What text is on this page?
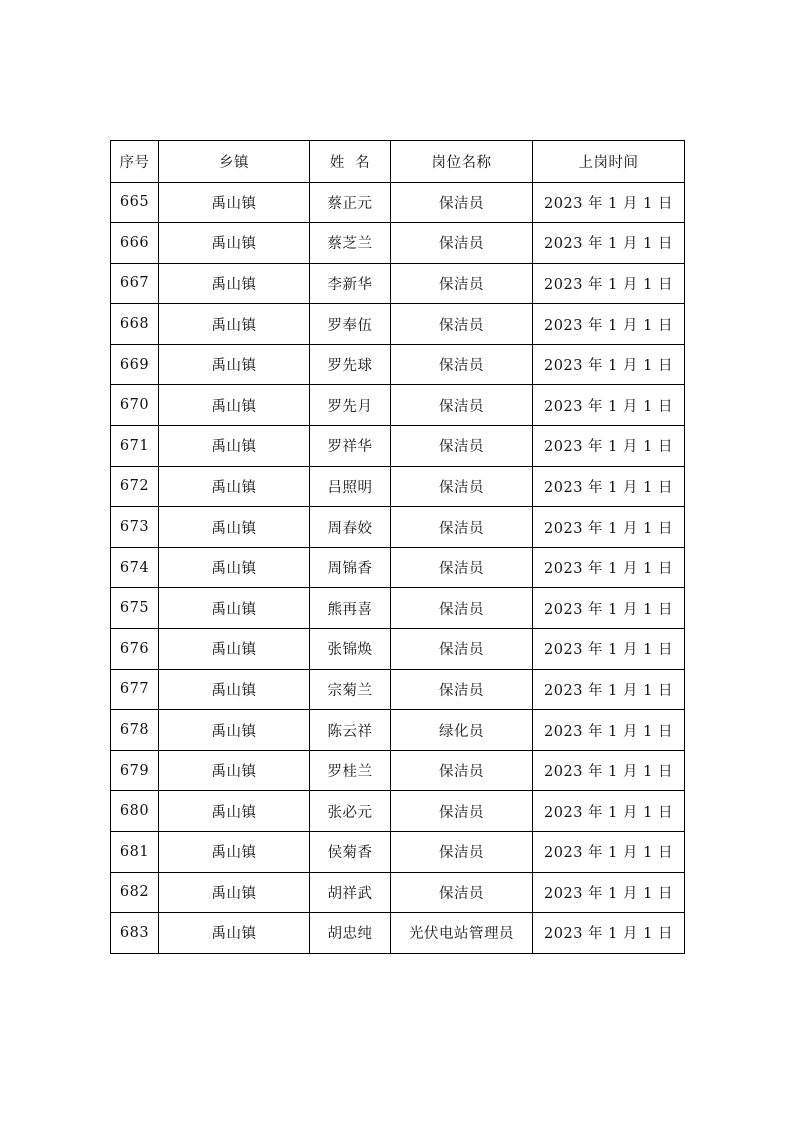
序号	乡镇	姓  名	岗位名称	上岗时间
665	禹山镇	蔡正元	保洁员	2023 年 1 月 1 日
666	禹山镇	蔡芝兰	保洁员	2023 年 1 月 1 日
667	禹山镇	李新华	保洁员	2023 年 1 月 1 日
668	禹山镇	罗奉伍	保洁员	2023 年 1 月 1 日
669	禹山镇	罗先球	保洁员	2023 年 1 月 1 日
670	禹山镇	罗先月	保洁员	2023 年 1 月 1 日
671	禹山镇	罗祥华	保洁员	2023 年 1 月 1 日
672	禹山镇	吕照明	保洁员	2023 年 1 月 1 日
673	禹山镇	周春姣	保洁员	2023 年 1 月 1 日
674	禹山镇	周锦香	保洁员	2023 年 1 月 1 日
675	禹山镇	熊再喜	保洁员	2023 年 1 月 1 日
676	禹山镇	张锦焕	保洁员	2023 年 1 月 1 日
677	禹山镇	宗菊兰	保洁员	2023 年 1 月 1 日
678	禹山镇	陈云祥	绿化员	2023 年 1 月 1 日
679	禹山镇	罗桂兰	保洁员	2023 年 1 月 1 日
680	禹山镇	张必元	保洁员	2023 年 1 月 1 日
681	禹山镇	侯菊香	保洁员	2023 年 1 月 1 日
682	禹山镇	胡祥武	保洁员	2023 年 1 月 1 日
683	禹山镇	胡忠纯	光伏电站管理员	2023 年 1 月 1 日
